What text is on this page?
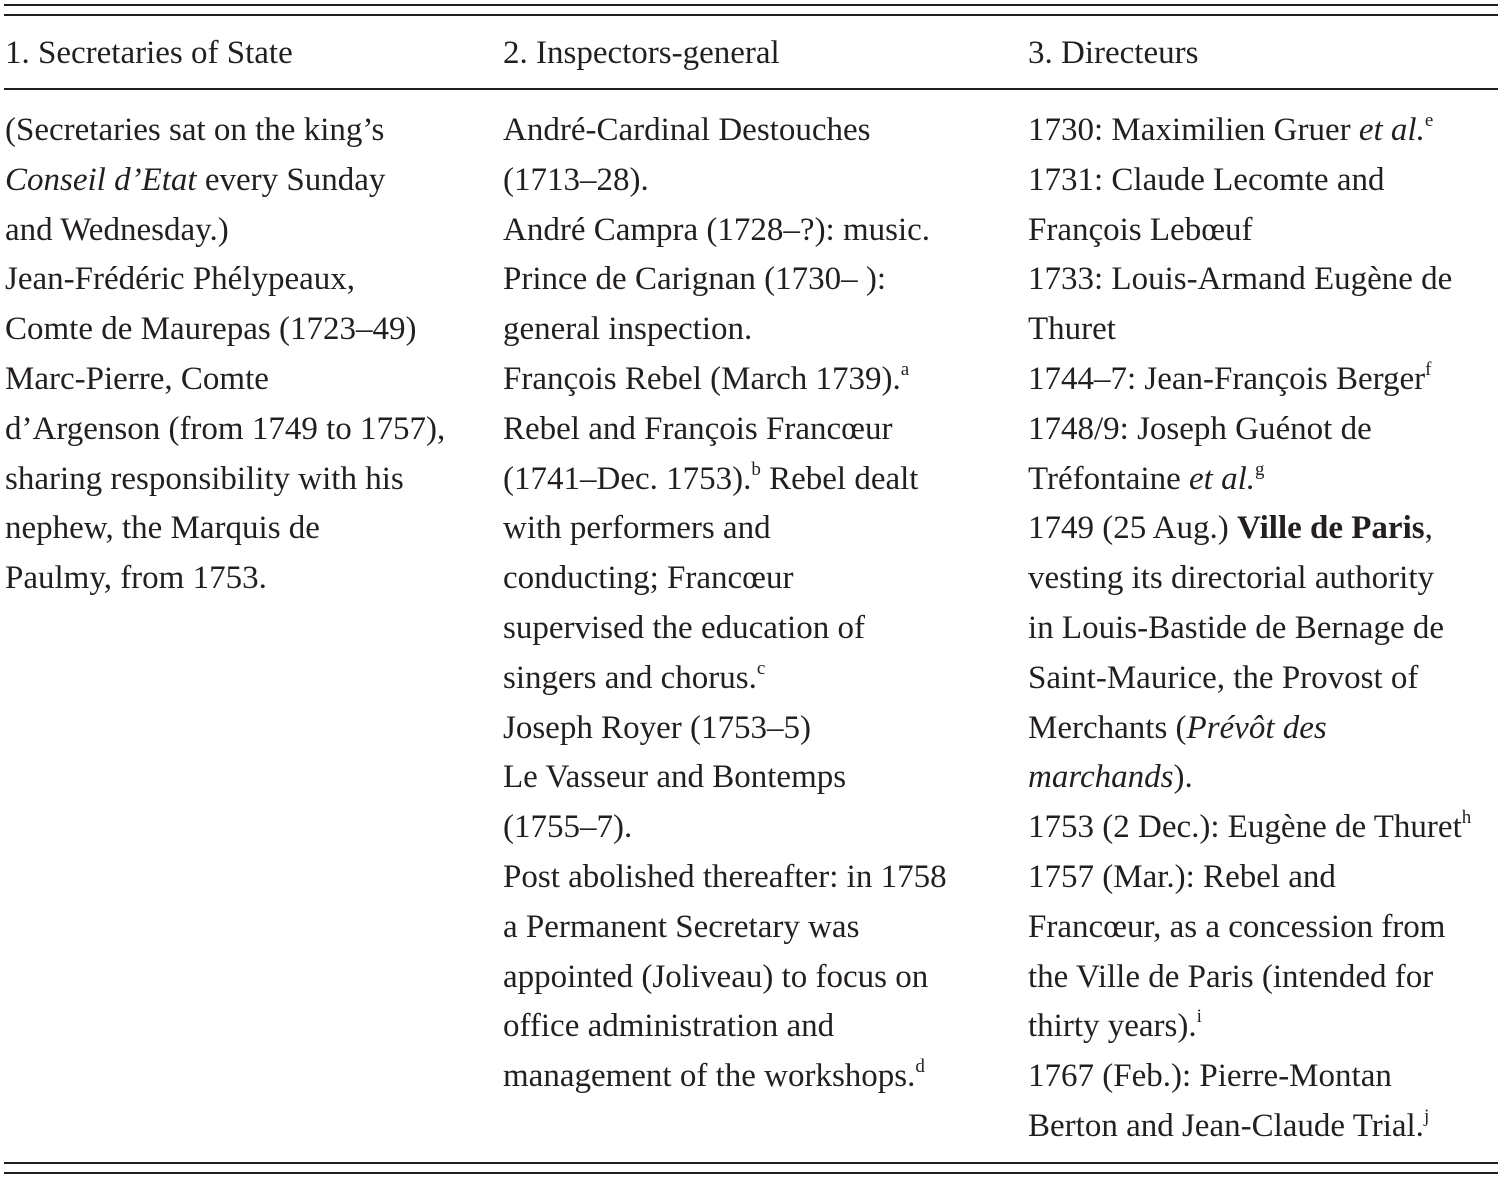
1. Secretaries of State	2. Inspectors-general	3. Directeurs
(Secretaries sat on the king’s
Conseil d’Etat every Sunday
and Wednesday.)
Jean-Frédéric Phélypeaux,
Comte de Maurepas (1723–49)
Marc-Pierre, Comte
d’Argenson (from 1749 to 1757),
sharing responsibility with his
nephew, the Marquis de
Paulmy, from 1753.
André-Cardinal Destouches
(1713–28).
André Campra (1728–?): music.
Prince de Carignan (1730– ):
general inspection.
François Rebel (March 1739).$^a$
Rebel and François Francœur
(1741–Dec. 1753).$^b$ Rebel dealt
with performers and
conducting; Francœur
supervised the education of
singers and chorus.$^c$
Joseph Royer (1753–5)
Le Vasseur and Bontemps
(1755–7).
Post abolished thereafter: in 1758
a Permanent Secretary was
appointed (Joliveau) to focus on
office administration and
management of the workshops.$^d$
1730: Maximilien Gruer et al.$^e$
1731: Claude Lecomte and
François Lebœuf
1733: Louis-Armand Eugène de
Thuret
1744–7: Jean-François Berger$^f$
1748/9: Joseph Guénot de
Tréfontaine et al.$^g$
1749 (25 Aug.) Ville de Paris,
vesting its directorial authority
in Louis-Bastide de Bernage de
Saint-Maurice, the Provost of
Merchants (Prévôt des
marchands).
1753 (2 Dec.): Eugène de Thuret$^h$
1757 (Mar.): Rebel and
Francœur, as a concession from
the Ville de Paris (intended for
thirty years).$^i$
1767 (Feb.): Pierre-Montan
Berton and Jean-Claude Trial.$^j$
